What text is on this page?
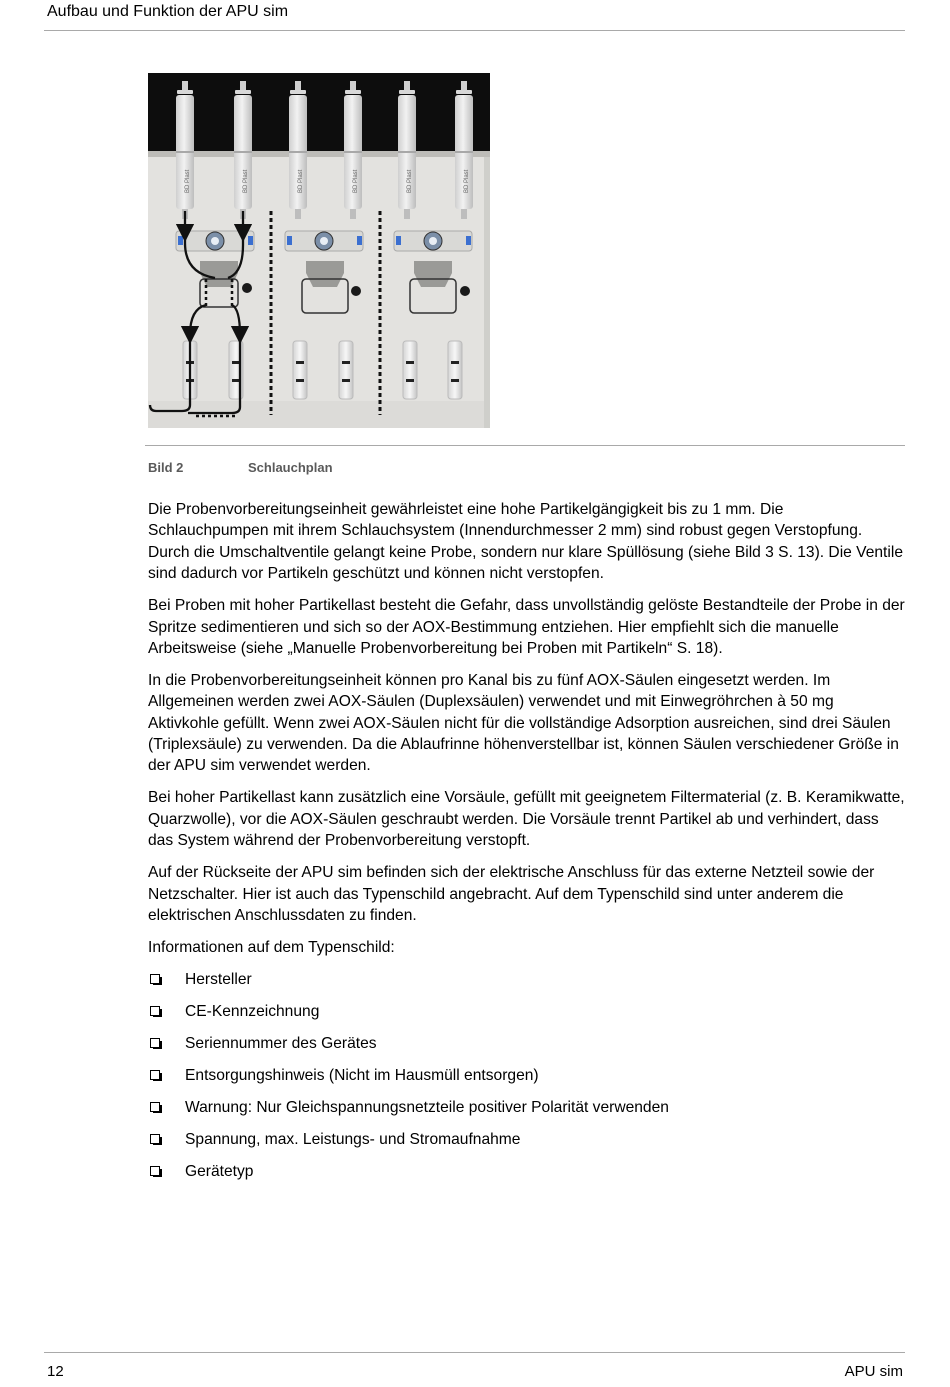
Aufbau und Funktion der APU sim
BD Plast	BD Plast	BD Plast	BD Plast	BD Plast	BD Plast
Bild 2	Schlauchplan

Die Probenvorbereitungseinheit gewährleistet eine hohe Partikelgängigkeit bis zu 1 mm. Die Schlauchpumpen mit ihrem Schlauchsystem (Innendurchmesser 2 mm) sind robust gegen Verstopfung. Durch die Umschaltventile gelangt keine Probe, sondern nur klare Spüllösung (siehe Bild 3 S. 13). Die Ventile sind dadurch vor Partikeln geschützt und können nicht verstopfen.

Bei Proben mit hoher Partikellast besteht die Gefahr, dass unvollständig gelöste Bestandteile der Probe in der Spritze sedimentieren und sich so der AOX-Bestimmung entziehen. Hier empfiehlt sich die manuelle Arbeitsweise (siehe „Manuelle Probenvorbereitung bei Proben mit Partikeln“ S. 18).

In die Probenvorbereitungseinheit können pro Kanal bis zu fünf AOX-Säulen eingesetzt werden. Im Allgemeinen werden zwei AOX-Säulen (Duplexsäulen) verwendet und mit Einwegröhrchen à 50 mg Aktivkohle gefüllt. Wenn zwei AOX-Säulen nicht für die vollständige Adsorption ausreichen, sind drei Säulen (Triplexsäule) zu verwenden. Da die Ablaufrinne höhenverstellbar ist, können Säulen verschiedener Größe in der APU sim verwendet werden.

Bei hoher Partikellast kann zusätzlich eine Vorsäule, gefüllt mit geeignetem Filtermaterial (z. B. Keramikwatte, Quarzwolle), vor die AOX-Säulen geschraubt werden. Die Vorsäule trennt Partikel ab und verhindert, dass das System während der Probenvorbereitung verstopft.

Auf der Rückseite der APU sim befinden sich der elektrische Anschluss für das externe Netzteil sowie der Netzschalter. Hier ist auch das Typenschild angebracht. Auf dem Typenschild sind unter anderem die elektrischen Anschlussdaten zu finden.

Informationen auf dem Typenschild:

Hersteller
CE-Kennzeichnung
Seriennummer des Gerätes
Entsorgungshinweis (Nicht im Hausmüll entsorgen)
Warnung: Nur Gleichspannungsnetzteile positiver Polarität verwenden
Spannung, max. Leistungs- und Stromaufnahme
Gerätetyp
12	APU sim
